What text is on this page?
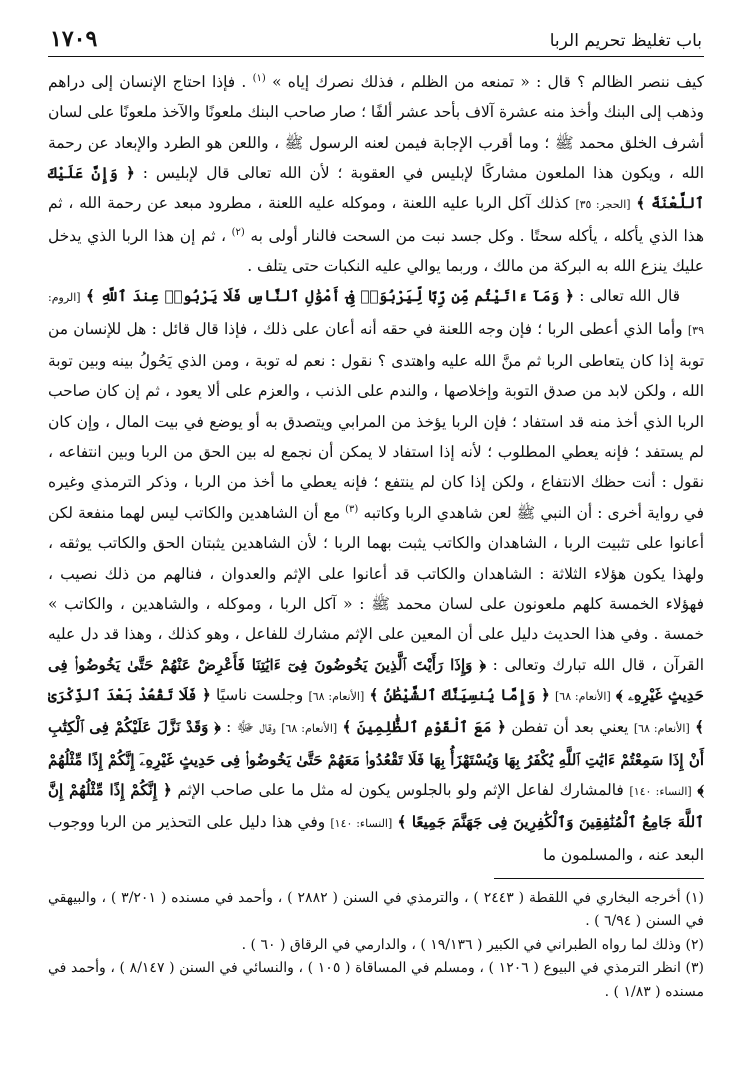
باب تغليظ تحريم الربا
١٧٠٩

كيف ننصر الظالم ؟ قال : « تمنعه من الظلم ، فذلك نصرك إياه » $^{(١)}$ . فإذا احتاج الإنسان إلى دراهم وذهب إلى البنك وأخذ منه عشرة آلاف بأحد عشر ألفًا ؛ صار صاحب البنك ملعونًا والآخذ ملعونًا على لسان أشرف الخلق محمد ﷺ ؛ وما أقرب الإجابة فيمن لعنه الرسول ﷺ ، واللعن هو الطرد والإبعاد عن رحمة الله ، ويكون هذا الملعون مشاركًا لإبليس في العقوبة ؛ لأن الله تعالى قال لإبليس : ﴿ وَإِنَّ عَلَيْكَ ٱللَّعْنَةَ ﴾ [الحجر: ٣٥] كذلك آكل الربا عليه اللعنة ، وموكله عليه اللعنة ، مطرود مبعد عن رحمة الله ، ثم هذا الذي يأكله ، يأكله سحتًا . وكل جسد نبت من السحت فالنار أولى به $^{(٢)}$ ، ثم إن هذا الربا الذي يدخل عليك ينزع الله به البركة من مالك ، وربما يوالي عليه النكبات حتى يتلف .

قال الله تعالى : ﴿ وَمَآ ءَاتَيْتُم مِّن رِّبًا لِّيَرْبُوَا۟ فِىٓ أَمْوَٰلِ ٱلنَّاسِ فَلَا يَرْبُوا۟ عِندَ ٱللَّهِ ﴾ [الروم: ٣٩] وأما الذي أعطى الربا ؛ فإن وجه اللعنة في حقه أنه أعان على ذلك ، فإذا قال قائل : هل للإنسان من توبة إذا كان يتعاطى الربا ثم منَّ الله عليه واهتدى ؟ نقول : نعم له توبة ، ومن الذي يَحُولُ بينه وبين توبة الله ، ولكن لابد من صدق التوبة وإخلاصها ، والندم على الذنب ، والعزم على ألا يعود ، ثم إن كان صاحب الربا الذي أخذ منه قد استفاد ؛ فإن الربا يؤخذ من المرابي ويتصدق به أو يوضع في بيت المال ، وإن كان لم يستفد ؛ فإنه يعطي المطلوب ؛ لأنه إذا استفاد لا يمكن أن نجمع له بين الحق من الربا وبين انتفاعه ، نقول : أنت حظك الانتفاع ، ولكن إذا كان لم ينتفع ؛ فإنه يعطي ما أخذ من الربا ، وذكر الترمذي وغيره في رواية أخرى : أن النبي ﷺ لعن شاهدي الربا وكاتبه $^{(٣)}$ مع أن الشاهدين والكاتب ليس لهما منفعة لكن أعانوا على تثبيت الربا ، الشاهدان والكاتب يثبت بهما الربا ؛ لأن الشاهدين يثبتان الحق والكاتب يوثقه ، ولهذا يكون هؤلاء الثلاثة : الشاهدان والكاتب قد أعانوا على الإثم والعدوان ، فنالهم من ذلك نصيب ، فهؤلاء الخمسة كلهم ملعونون على لسان محمد ﷺ : « آكل الربا ، وموكله ، والشاهدين ، والكاتب » خمسة . وفي هذا الحديث دليل على أن المعين على الإثم مشارك للفاعل ، وهو كذلك ، وهذا قد دل عليه القرآن ، قال الله تبارك وتعالى : ﴿ وَإِذَا رَأَيْتَ ٱلَّذِينَ يَخُوضُونَ فِىٓ ءَايَٰتِنَا فَأَعْرِضْ عَنْهُمْ حَتَّىٰ يَخُوضُوا۟ فِى حَدِيثٍ غَيْرِهِۦ ﴾ [الأنعام: ٦٨] ﴿ وَإِمَّا يُنسِيَنَّكَ ٱلشَّيْطَٰنُ ﴾ [الأنعام: ٦٨] وجلست ناسيًا ﴿ فَلَا تَقْعُدْ بَعْدَ ٱلذِّكْرَىٰ ﴾ [الأنعام: ٦٨] يعني بعد أن تفطن ﴿ مَعَ ٱلْقَوْمِ ٱلظَّٰلِمِينَ ﴾ [الأنعام: ٦٨] وقال ﷻ : ﴿ وَقَدْ نَزَّلَ عَلَيْكُمْ فِى ٱلْكِتَٰبِ أَنْ إِذَا سَمِعْتُمْ ءَايَٰتِ ٱللَّهِ يُكْفَرُ بِهَا وَيُسْتَهْزَأُ بِهَا فَلَا تَقْعُدُوا۟ مَعَهُمْ حَتَّىٰ يَخُوضُوا۟ فِى حَدِيثٍ غَيْرِهِۦٓ إِنَّكُمْ إِذًا مِّثْلُهُمْ ﴾ [النساء: ١٤٠] فالمشارك لفاعل الإثم ولو بالجلوس يكون له مثل ما على صاحب الإثم ﴿ إِنَّكُمْ إِذًا مِّثْلُهُمْ إِنَّ ٱللَّهَ جَامِعُ ٱلْمُنَٰفِقِينَ وَٱلْكَٰفِرِينَ فِى جَهَنَّمَ جَمِيعًا ﴾ [النساء: ١٤٠] وفي هذا دليل على التحذير من الربا ووجوب البعد عنه ، والمسلمون ما

(١) أخرجه البخاري في اللقطة ( ٢٤٤٣ ) ، والترمذي في السنن ( ٢٨٨٢ ) ، وأحمد في مسنده ( ٣/٢٠١ ) ، والبيهقي في السنن ( ٦/٩٤ ) .

(٢) وذلك لما رواه الطبراني في الكبير ( ١٩/١٣٦ ) ، والدارمي في الرقاق ( ٦٠ ) .

(٣) انظر الترمذي في البيوع ( ١٢٠٦ ) ، ومسلم في المساقاة ( ١٠٥ ) ، والنسائي في السنن ( ٨/١٤٧ ) ، وأحمد في مسنده ( ١/٨٣ ) .
